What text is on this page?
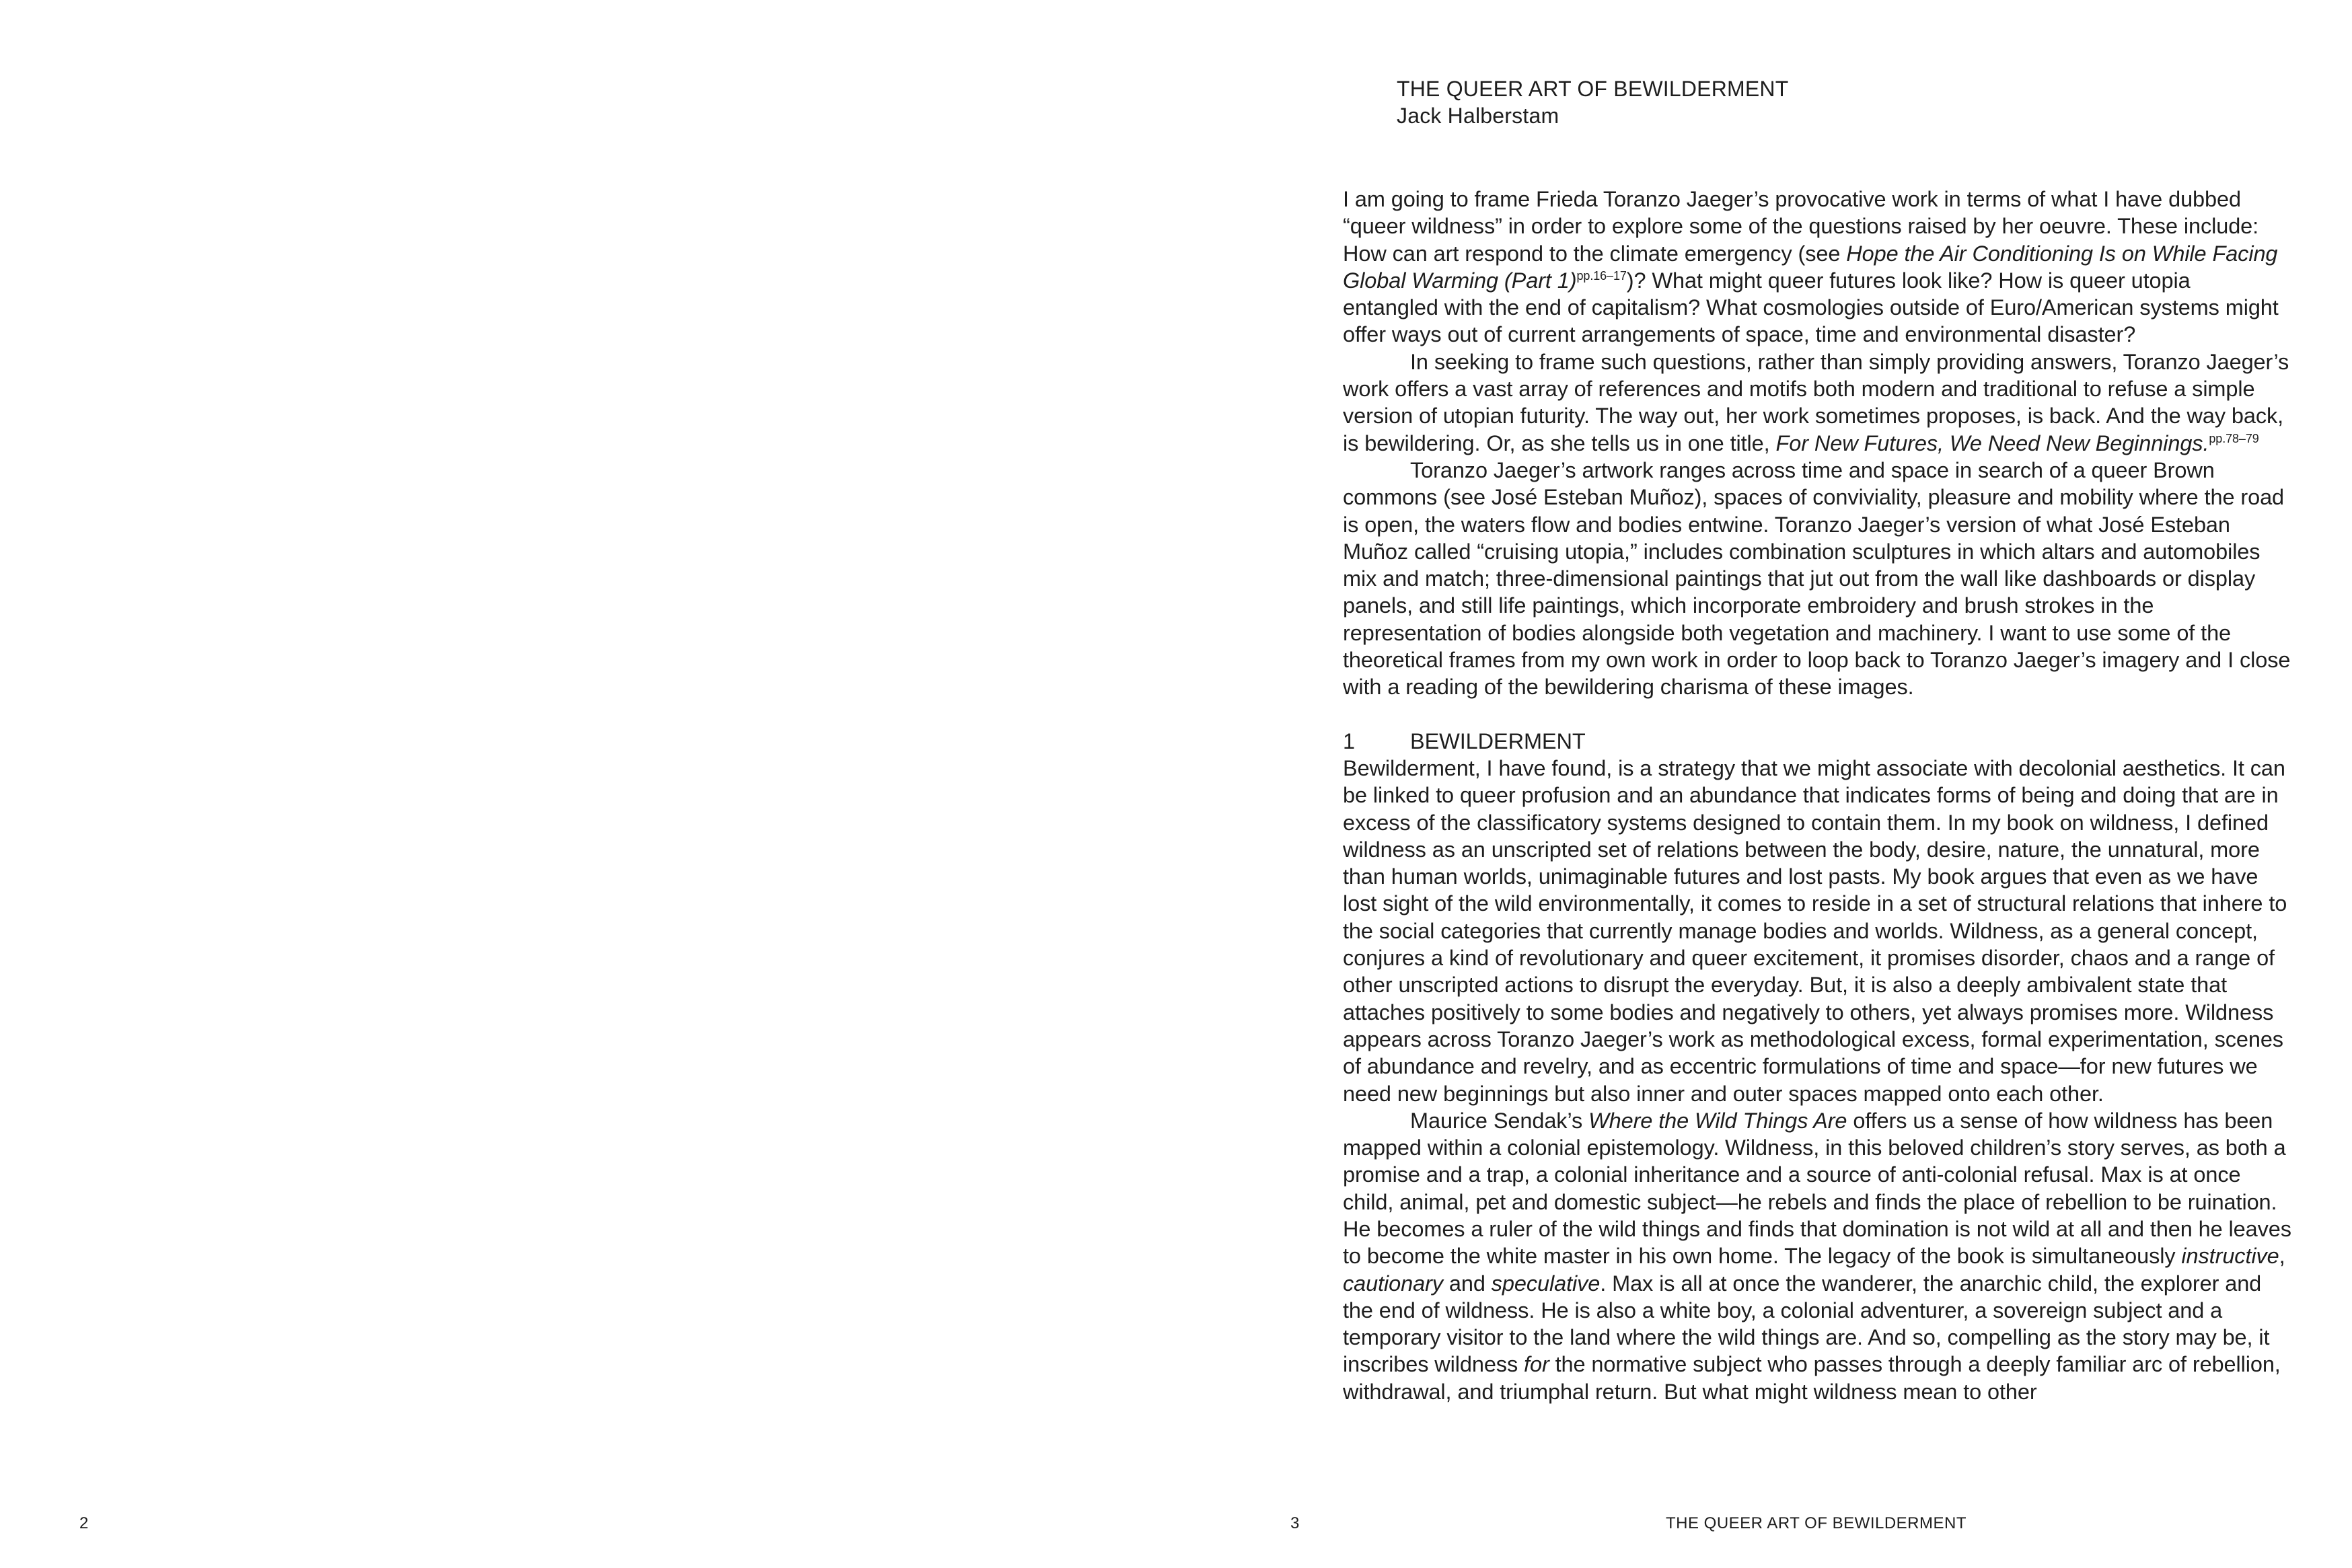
2
THE QUEER ART OF BEWILDERMENT
Jack Halberstam

I am going to frame Frieda Toranzo Jaeger’s provocative work in terms of what I have dubbed “queer wildness” in order to explore some of the questions raised by her oeuvre. These include: How can art respond to the climate emergency (see Hope the Air Conditioning Is on While Facing Global Warming (Part 1)$^{pp.16-17}$)? What might queer futures look like? How is queer utopia entangled with the end of capitalism? What cosmologies outside of Euro/American systems might offer ways out of current arrangements of space, time and environmental disaster?

In seeking to frame such questions, rather than simply providing answers, Toranzo Jaeger’s work offers a vast array of references and motifs both modern and traditional to refuse a simple version of utopian futurity. The way out, her work sometimes proposes, is back. And the way back, is bewildering. Or, as she tells us in one title, For New Futures, We Need New Beginnings.$^{pp.78-79}$

Toranzo Jaeger’s artwork ranges across time and space in search of a queer Brown commons (see José Esteban Muñoz), spaces of conviviality, pleasure and mobility where the road is open, the waters flow and bodies entwine. Toranzo Jaeger’s version of what José Esteban Muñoz called “cruising utopia,” includes combination sculptures in which altars and automobiles mix and match; three-dimensional paintings that jut out from the wall like dashboards or display panels, and still life paintings, which incorporate embroidery and brush strokes in the representation of bodies alongside both vegetation and machinery. I want to use some of the theoretical frames from my own work in order to loop back to Toranzo Jaeger’s imagery and I close with a reading of the bewildering charisma of these images.

1	BEWILDERMENT

Bewilderment, I have found, is a strategy that we might associate with decolonial aesthetics. It can be linked to queer profusion and an abundance that indicates forms of being and doing that are in excess of the classificatory systems designed to contain them. In my book on wildness, I defined wildness as an unscripted set of relations between the body, desire, nature, the unnatural, more than human worlds, unimaginable futures and lost pasts. My book argues that even as we have lost sight of the wild environmentally, it comes to reside in a set of structural relations that inhere to the social categories that currently manage bodies and worlds. Wildness, as a general concept, conjures a kind of revolutionary and queer excitement, it promises disorder, chaos and a range of other unscripted actions to disrupt the everyday. But, it is also a deeply ambivalent state that attaches positively to some bodies and negatively to others, yet always promises more. Wildness appears across Toranzo Jaeger’s work as methodological excess, formal experimentation, scenes of abundance and revelry, and as eccentric formulations of time and space—for new futures we need new beginnings but also inner and outer spaces mapped onto each other.

Maurice Sendak’s Where the Wild Things Are offers us a sense of how wildness has been mapped within a colonial epistemology. Wildness, in this beloved children’s story serves, as both a promise and a trap, a colonial inheritance and a source of anti-colonial refusal. Max is at once child, animal, pet and domestic subject—he rebels and finds the place of rebellion to be ruination. He becomes a ruler of the wild things and finds that domination is not wild at all and then he leaves to become the white master in his own home. The legacy of the book is simultaneously instructive, cautionary and speculative. Max is all at once the wanderer, the anarchic child, the explorer and the end of wildness. He is also a white boy, a colonial adventurer, a sovereign subject and a temporary visitor to the land where the wild things are. And so, compelling as the story may be, it inscribes wildness for the normative subject who passes through a deeply familiar arc of rebellion, withdrawal, and triumphal return. But what might wildness mean to other

3	THE QUEER ART OF BEWILDERMENT
